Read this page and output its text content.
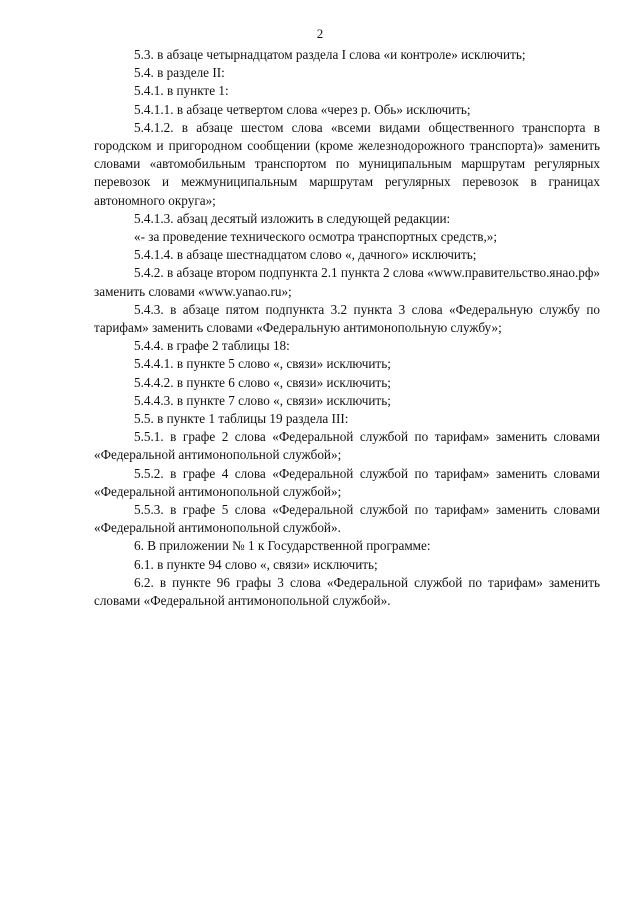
2

5.3. в абзаце четырнадцатом раздела I слова «и контроле» исключить;

5.4. в разделе II:

5.4.1. в пункте 1:

5.4.1.1. в абзаце четвертом слова «через р. Обь» исключить;

5.4.1.2. в абзаце шестом слова «всеми видами общественного транспорта в городском и пригородном сообщении (кроме железнодорожного транспорта)» заменить словами «автомобильным транспортом по муниципальным маршрутам регулярных перевозок и межмуниципальным маршрутам регулярных перевозок в границах автономного округа»;

5.4.1.3. абзац десятый изложить в следующей редакции:

«- за проведение технического осмотра транспортных средств,»;

5.4.1.4. в абзаце шестнадцатом слово «, дачного» исключить;

5.4.2. в абзаце втором подпункта 2.1 пункта 2 слова «www.правительство.янао.рф» заменить словами «www.yanao.ru»;

5.4.3. в абзаце пятом подпункта 3.2 пункта 3 слова «Федеральную службу по тарифам» заменить словами «Федеральную антимонопольную службу»;

5.4.4. в графе 2 таблицы 18:

5.4.4.1. в пункте 5 слово «, связи» исключить;

5.4.4.2. в пункте 6 слово «, связи» исключить;

5.4.4.3. в пункте 7 слово «, связи» исключить;

5.5. в пункте 1 таблицы 19 раздела III:

5.5.1. в графе 2 слова «Федеральной службой по тарифам» заменить словами «Федеральной антимонопольной службой»;

5.5.2. в графе 4 слова «Федеральной службой по тарифам» заменить словами «Федеральной антимонопольной службой»;

5.5.3. в графе 5 слова «Федеральной службой по тарифам» заменить словами «Федеральной антимонопольной службой».

6. В приложении № 1 к Государственной программе:

6.1. в пункте 94 слово «, связи» исключить;

6.2. в пункте 96 графы 3 слова «Федеральной службой по тарифам» заменить словами «Федеральной антимонопольной службой».
